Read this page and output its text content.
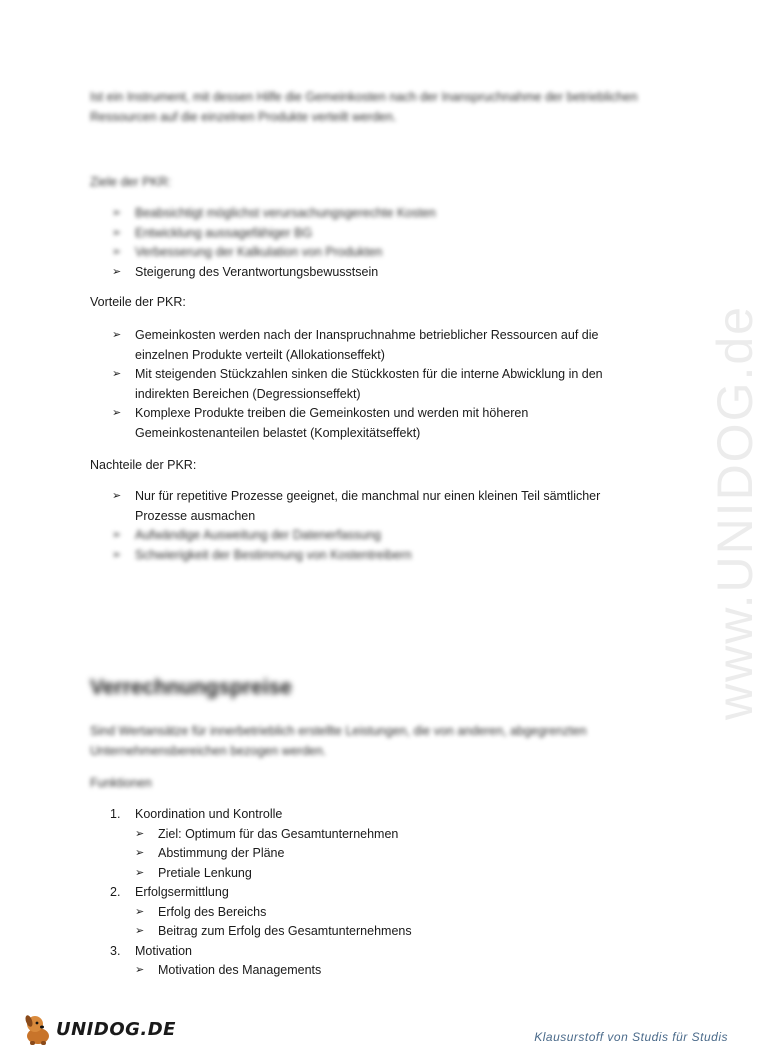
www.UNIDOG.de
Ist ein Instrument, mit dessen Hilfe die Gemeinkosten nach der Inanspruchnahme der betrieblichen Ressourcen auf die einzelnen Produkte verteilt werden.
Ziele der PKR:
➢ Beabsichtigt möglichst verursachungsgerechte Kosten
➢ Entwicklung aussagefähiger BG
➢ Verbesserung der Kalkulation von Produkten
➢ Steigerung des Verantwortungsbewusstsein
Vorteile der PKR:
➢ Gemeinkosten werden nach der Inanspruchnahme betrieblicher Ressourcen auf die einzelnen Produkte verteilt (Allokationseffekt)
➢ Mit steigenden Stückzahlen sinken die Stückkosten für die interne Abwicklung in den indirekten Bereichen (Degressionseffekt)
➢ Komplexe Produkte treiben die Gemeinkosten und werden mit höheren Gemeinkostenanteilen belastet (Komplexitätseffekt)
Nachteile der PKR:
➢ Nur für repetitive Prozesse geeignet, die manchmal nur einen kleinen Teil sämtlicher Prozesse ausmachen
➢ Aufwändige Ausweitung der Datenerfassung
➢ Schwierigkeit der Bestimmung von Kostentreibern
Verrechnungspreise
Sind Wertansätze für innerbetrieblich erstellte Leistungen, die von anderen, abgegrenzten Unternehmensbereichen bezogen werden.
Funktionen
1. Koordination und Kontrolle
➢ Ziel: Optimum für das Gesamtunternehmen
➢ Abstimmung der Pläne
➢ Pretiale Lenkung
2. Erfolgsermittlung
➢ Erfolg des Bereichs
➢ Beitrag zum Erfolg des Gesamtunternehmens
3. Motivation
➢ Motivation des Managements
UNIDOG.DE	Klausurstoff von Studis für Studis
